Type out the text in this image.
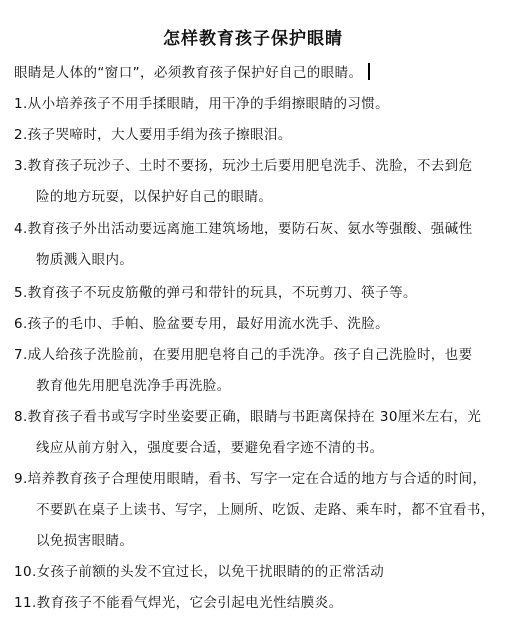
怎样教育孩子保护眼睛
眼睛是人体的“窗口”，必须教育孩子保护好自己的眼睛。
1.从小培养孩子不用手揉眼睛，用干净的手绢擦眼睛的习惯。
2.孩子哭啼时，大人要用手绢为孩子擦眼泪。
3.教育孩子玩沙子、土时不要扬，玩沙土后要用肥皂洗手、洗脸，不去到危
险的地方玩耍，以保护好自己的眼睛。
4.教育孩子外出活动要远离施工建筑场地，要防石灰、氨水等强酸、强碱性
物质溅入眼内。
5.教育孩子不玩皮筋儆的弹弓和带针的玩具，不玩剪刀、筷子等。
6.孩子的毛巾、手帕、脸盆要专用，最好用流水洗手、洗脸。
7.成人给孩子洗脸前，在要用肥皂将自己的手洗净。孩子自己洗脸时，也要
教育他先用肥皂洗净手再洗脸。
8.教育孩子看书或写字时坐姿要正确，眼睛与书距离保持在 30厘米左右，光
线应从前方射入，强度要合适，要避免看字迹不清的书。
9.培养教育孩子合理使用眼睛，看书、写字一定在合适的地方与合适的时间，
不要趴在桌子上读书、写字，上厕所、吃饭、走路、乘车时，都不宜看书，
以免损害眼睛。
10.女孩子前额的头发不宜过长，以免干扰眼睛的的正常活动
11.教育孩子不能看气焊光，它会引起电光性结膜炎。
